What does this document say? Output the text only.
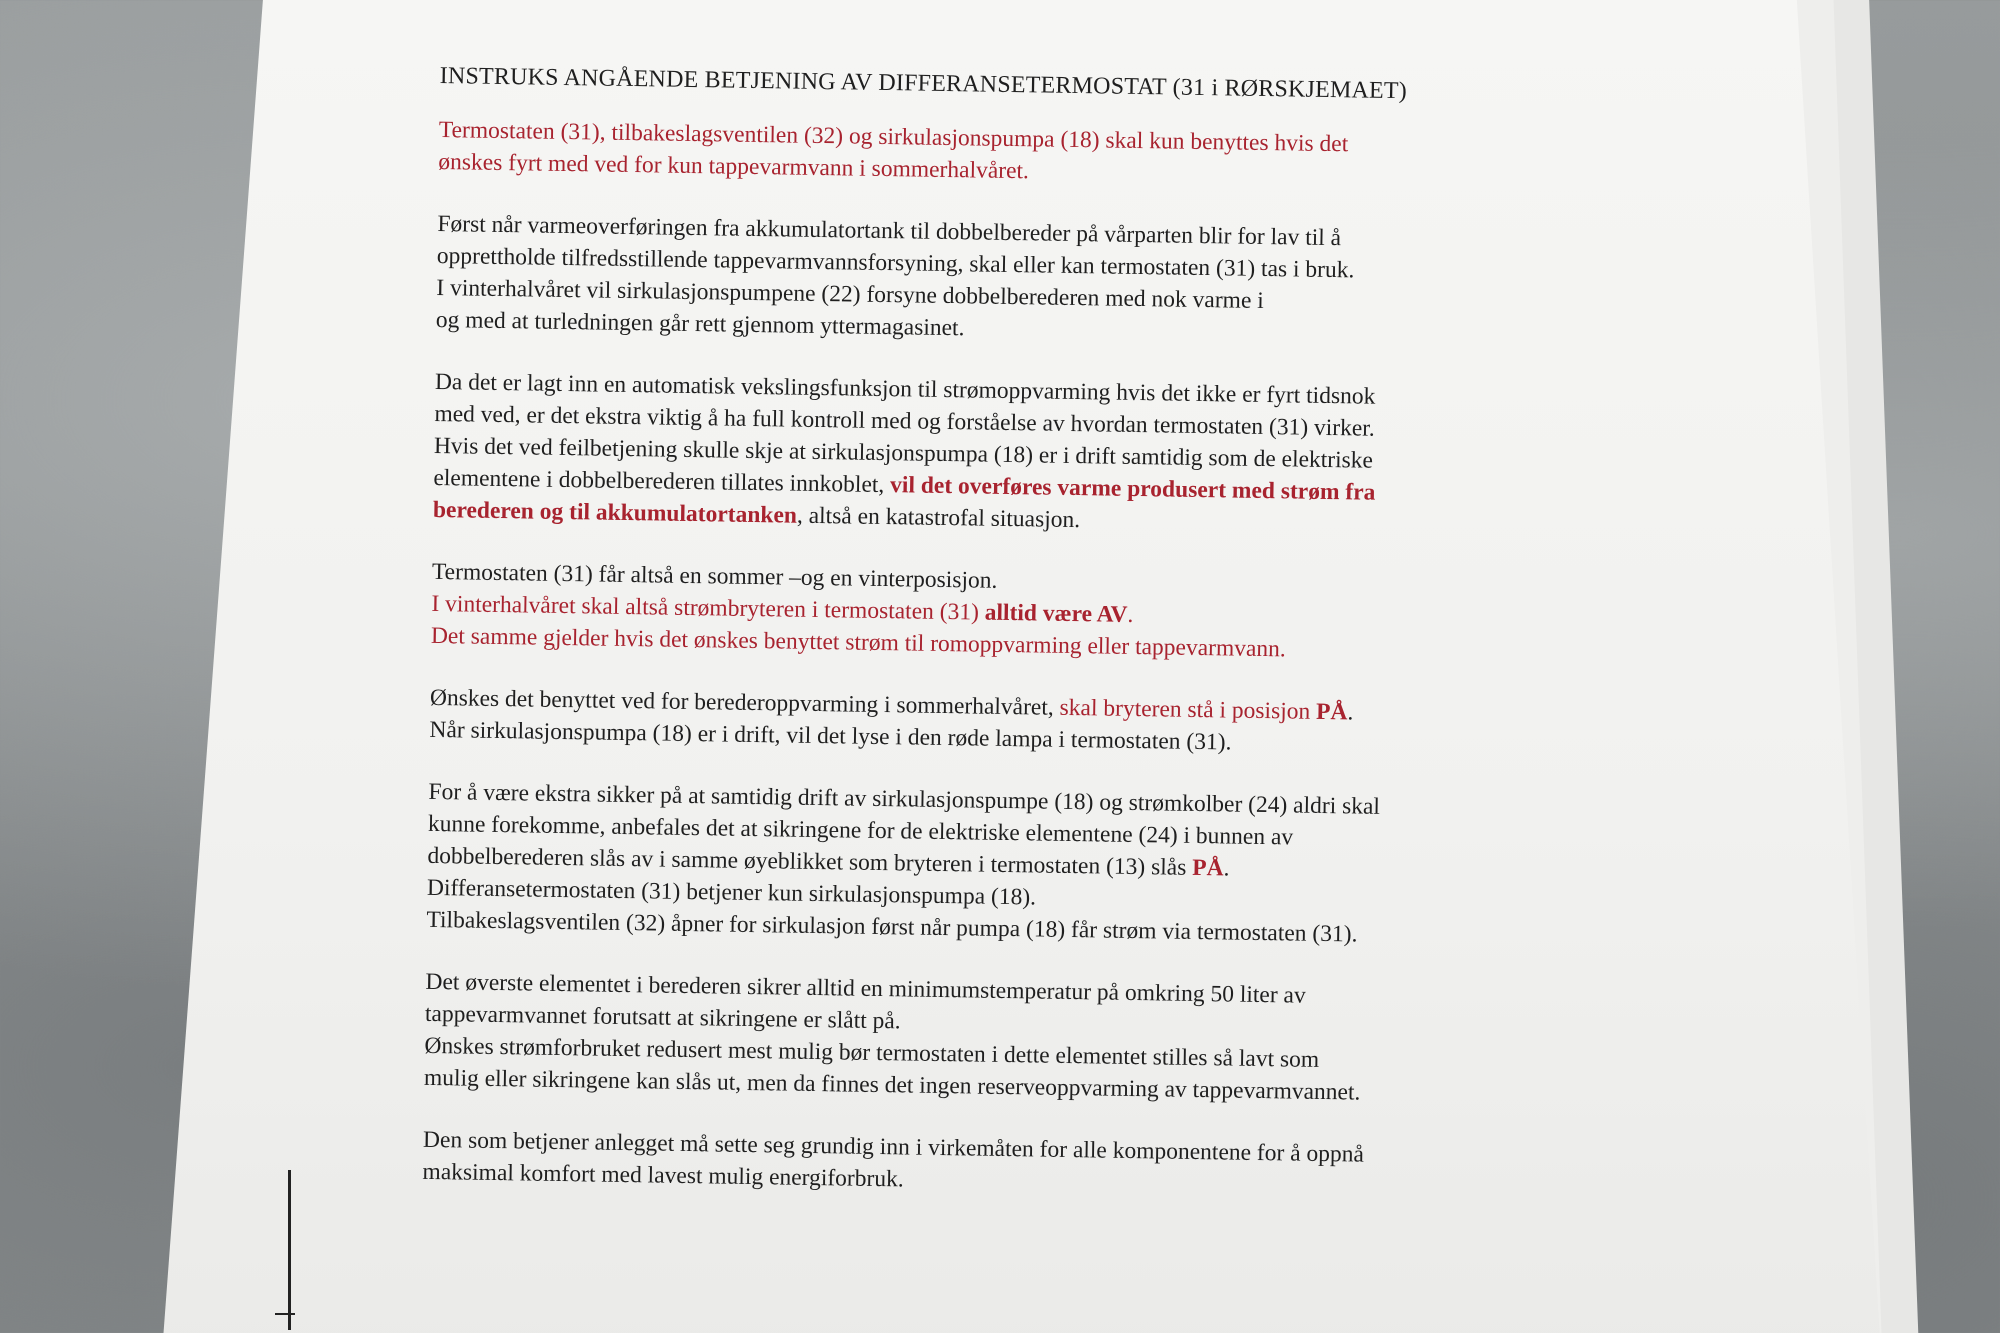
INSTRUKS ANGÅENDE BETJENING AV DIFFERANSETERMOSTAT (31 i RØRSKJEMAET)

Termostaten (31), tilbakeslagsventilen (32) og sirkulasjonspumpa (18) skal kun benyttes hvis det
ønskes fyrt med ved for kun tappevarmvann i sommerhalvåret.

Først når varmeoverføringen fra akkumulatortank til dobbelbereder på vårparten blir for lav til å
opprettholde tilfredsstillende tappevarmvannsforsyning, skal eller kan termostaten (31) tas i bruk.
I vinterhalvåret vil sirkulasjonspumpene (22) forsyne dobbelberederen med nok varme i
og med at turledningen går rett gjennom yttermagasinet.

Da det er lagt inn en automatisk vekslingsfunksjon til strømoppvarming hvis det ikke er fyrt tidsnok
med ved, er det ekstra viktig å ha full kontroll med og forståelse av hvordan termostaten (31) virker.
Hvis det ved feilbetjening skulle skje at sirkulasjonspumpa (18) er i drift samtidig som de elektriske
elementene i dobbelberederen tillates innkoblet, vil det overføres varme produsert med strøm fra
berederen og til akkumulatortanken, altså en katastrofal situasjon.

Termostaten (31) får altså en sommer –og en vinterposisjon.
I vinterhalvåret skal altså strømbryteren i termostaten (31) alltid være AV.
Det samme gjelder hvis det ønskes benyttet strøm til romoppvarming eller tappevarmvann.

Ønskes det benyttet ved for berederoppvarming i sommerhalvåret, skal bryteren stå i posisjon PÅ.
Når sirkulasjonspumpa (18) er i drift, vil det lyse i den røde lampa i termostaten (31).

For å være ekstra sikker på at samtidig drift av sirkulasjonspumpe (18) og strømkolber (24) aldri skal
kunne forekomme, anbefales det at sikringene for de elektriske elementene (24) i bunnen av
dobbelberederen slås av i samme øyeblikket som bryteren i termostaten (13) slås PÅ.
Differansetermostaten (31) betjener kun sirkulasjonspumpa (18).
Tilbakeslagsventilen (32) åpner for sirkulasjon først når pumpa (18) får strøm via termostaten (31).

Det øverste elementet i berederen sikrer alltid en minimumstemperatur på omkring 50 liter av
tappevarmvannet forutsatt at sikringene er slått på.
Ønskes strømforbruket redusert mest mulig bør termostaten i dette elementet stilles så lavt som
mulig eller sikringene kan slås ut, men da finnes det ingen reserveoppvarming av tappevarmvannet.

Den som betjener anlegget må sette seg grundig inn i virkemåten for alle komponentene for å oppnå
maksimal komfort med lavest mulig energiforbruk.
